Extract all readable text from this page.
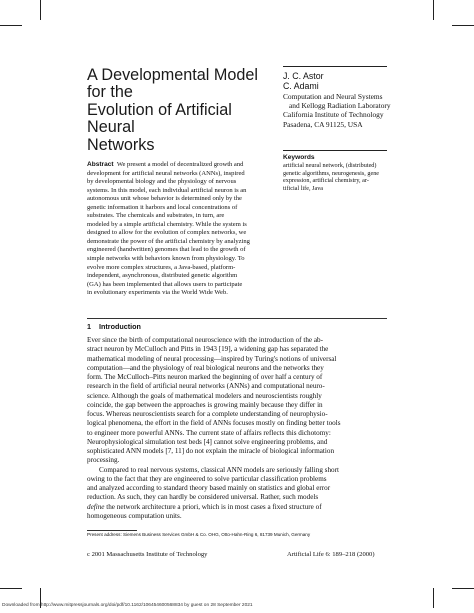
A Developmental Model for the
Evolution of Artificial Neural
Networks
J. C. Astor
C. Adami
Computation and Neural Systems
and Kellogg Radiation Laboratory
California Institute of Technology
Pasadena, CA 91125, USA
Keywords
artificial neural network, (distributed)
genetic algorithms, neurogenesis, gene
expression, artificial chemistry, ar-
tificial life, Java
Abstract We present a model of decentralized growth and
development for artificial neural networks (ANNs), inspired
by developmental biology and the physiology of nervous
systems. In this model, each individual artificial neuron is an
autonomous unit whose behavior is determined only by the
genetic information it harbors and local concentrations of
substrates. The chemicals and substrates, in turn, are
modeled by a simple artificial chemistry. While the system is
designed to allow for the evolution of complex networks, we
demonstrate the power of the artificial chemistry by analyzing
engineered (handwritten) genomes that lead to the growth of
simple networks with behaviors known from physiology. To
evolve more complex structures, a Java-based, platform-
independent, asynchronous, distributed genetic algorithm
(GA) has been implemented that allows users to participate
in evolutionary experiments via the World Wide Web.
1 Introduction
Ever since the birth of computational neuroscience with the introduction of the ab-
stract neuron by McCulloch and Pitts in 1943 [19], a widening gap has separated the
mathematical modeling of neural processing—inspired by Turing's notions of universal
computation—and the physiology of real biological neurons and the networks they
form. The McCulloch–Pitts neuron marked the beginning of over half a century of
research in the field of artificial neural networks (ANNs) and computational neuro-
science. Although the goals of mathematical modelers and neuroscientists roughly
coincide, the gap between the approaches is growing mainly because they differ in
focus. Whereas neuroscientists search for a complete understanding of neurophysio-
logical phenomena, the effort in the field of ANNs focuses mostly on finding better tools
to engineer more powerful ANNs. The current state of affairs reflects this dichotomy:
Neurophysiological simulation test beds [4] cannot solve engineering problems, and
sophisticated ANN models [7, 11] do not explain the miracle of biological information
processing.
Compared to real nervous systems, classical ANN models are seriously falling short
owing to the fact that they are engineered to solve particular classification problems
and analyzed according to standard theory based mainly on statistics and global error
reduction. As such, they can hardly be considered universal. Rather, such models
define the network architecture a priori, which is in most cases a fixed structure of
homogeneous computation units.
Present address: Siemens Business Services GmbH & Co. OHG, Otto-Hahn-Ring 6, 81739 Munich, Germany
c 2001 Massachusetts Institute of Technology	Artificial Life 6: 189–218 (2000)
Downloaded from http://www.mitpressjournals.org/doi/pdf/10.1162/106454600568834 by guest on 28 September 2021
